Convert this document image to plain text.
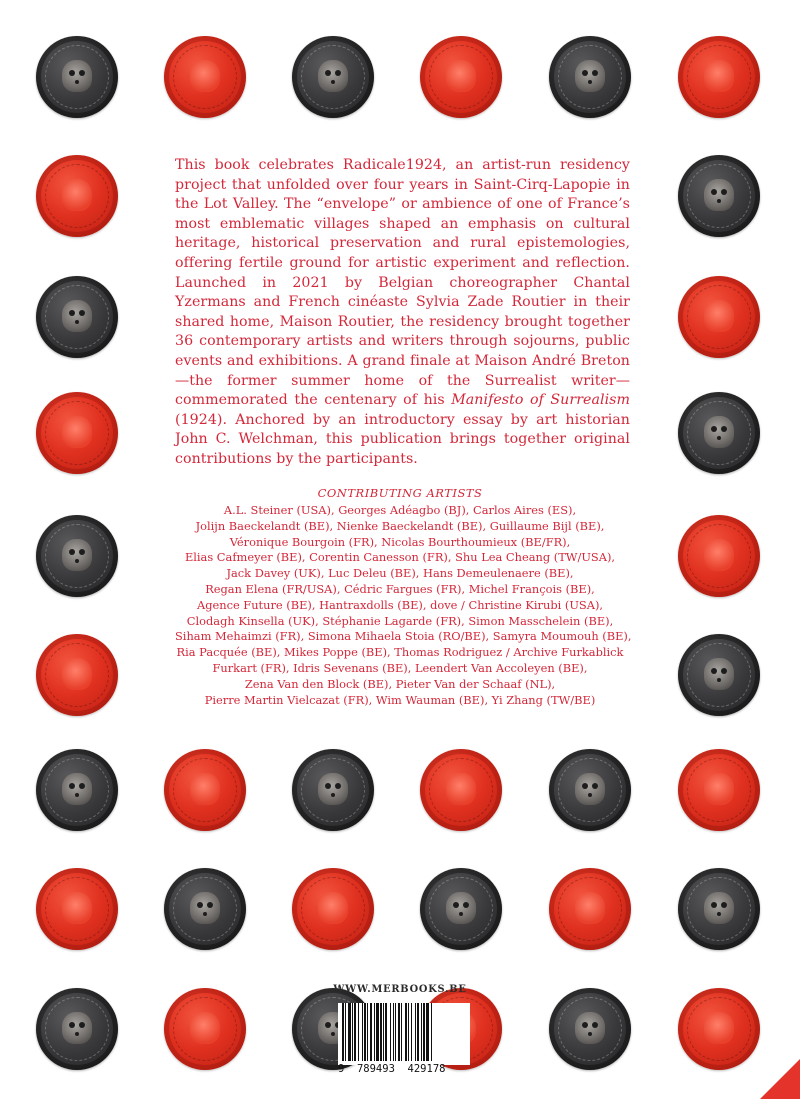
This book celebrates Radicale1924, an artist-run residency project that unfolded over four years in Saint-Cirq-Lapopie in the Lot Valley. The “envelope” or ambience of one of France’s most emblematic villages shaped an emphasis on cultural heritage, historical preservation and rural epistemologies, offering fertile ground for artistic experiment and reflection. Launched in 2021 by Belgian choreographer Chantal Yzermans and French cinéaste Sylvia Zade Routier in their shared home, Maison Routier, the residency brought together 36 contemporary artists and writers through sojourns, public events and exhibitions. A grand finale at Maison André Breton—the former summer home of the Surrealist writer—commemorated the centenary of his Manifesto of Surrealism (1924). Anchored by an introductory essay by art historian John C. Welchman, this publication brings together original contributions by the participants.

CONTRIBUTING ARTISTS

A.L. Steiner (USA), Georges Adéagbo (BJ), Carlos Aires (ES),
Jolijn Baeckelandt (BE), Nienke Baeckelandt (BE), Guillaume Bijl (BE),
Véronique Bourgoin (FR), Nicolas Bourthoumieux (BE/FR),
Elias Cafmeyer (BE), Corentin Canesson (FR), Shu Lea Cheang (TW/USA),
Jack Davey (UK), Luc Deleu (BE), Hans Demeulenaere (BE),
Regan Elena (FR/USA), Cédric Fargues (FR), Michel François (BE),
Agence Future (BE), Hantraxdolls (BE), dove / Christine Kirubi (USA),
Clodagh Kinsella (UK), Stéphanie Lagarde (FR), Simon Masschelein (BE),
Siham Mehaimzi (FR), Simona Mihaela Stoia (RO/BE), Samyra Moumouh (BE),
Ria Pacquée (BE), Mikes Poppe (BE), Thomas Rodriguez / Archive Furkablick
Furkart (FR), Idris Sevenans (BE), Leendert Van Accoleyen (BE),
Zena Van den Block (BE), Pieter Van der Schaaf (NL),
Pierre Martin Vielcazat (FR), Wim Wauman (BE), Yi Zhang (TW/BE)

WWW.MERBOOKS.BE
9  789493  429178
